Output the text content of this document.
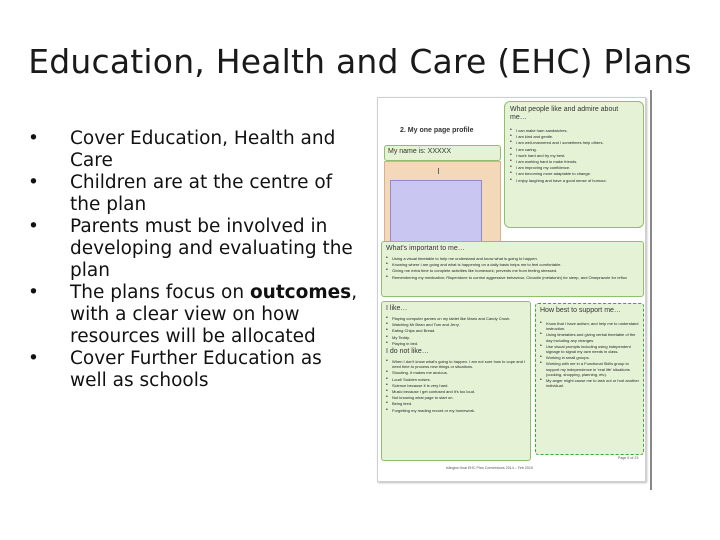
Education, Health and Care (EHC) Plans
• Cover Education, Health and Care
• Children are at the centre of the plan
• Parents must be involved in developing and evaluating the plan
• The plans focus on outcomes, with a clear view on how resources will be allocated
• Cover Further Education as well as schools
2. My one page profile
My name is: XXXXX
What people like and admire about me…
• I can make ham sandwiches.
• I am kind and gentle.
• I am well-mannered and I sometimes help others.
• I am caring.
• I work hard and try my best.
• I am working hard to make friends.
• I am improving my confidence.
• I am becoming more adaptable to change.
• I enjoy laughing and have a good sense of humour.
What's important to me…
• Using a visual timetable to help me understand and know what is going to happen.
• Knowing where I am going and what is happening on a daily basis helps me to feel comfortable.
• Giving me extra time to complete activities like homework; prevents me from feeling stressed.
• Remembering my medication; Risperidone to control aggressive behaviour, Circadin (melatonin) for sleep, and Omeprazole for reflux
I like…
• Playing computer games on my tablet like Mario and Candy Crush.
• Watching Mr Bean and Tom and Jerry.
• Eating Chips and Bread.
• My Teddy.
• Playing in bed.
I do not like…
• When I don't know what's going to happen. I am not sure how to cope and I need time to process new things or situations.
• Shouting. It makes me anxious.
• Loud/ Sudden noises.
• Science because it is very hard.
• Music because I get confused and it's too loud.
• Not knowing what page to start on.
• Being tired.
• Forgetting my reading record or my homework.
How best to support me…
• Know that I have autism; and help me to understand instruction.
• Using timetables and giving verbal timetable of the day including any changes.
• Use visual prompts including using independent signage to signal my own needs in class.
• Working in small groups.
• Working with me in a Functional Skills group to support my independence in 'real life' situations (cooking, shopping, planning, etc).
• My anger might cause me to lash out or hurt another individual.
Page 5 of 23
Islington final EHC Plan Conversions 2014 – Feb 2015
